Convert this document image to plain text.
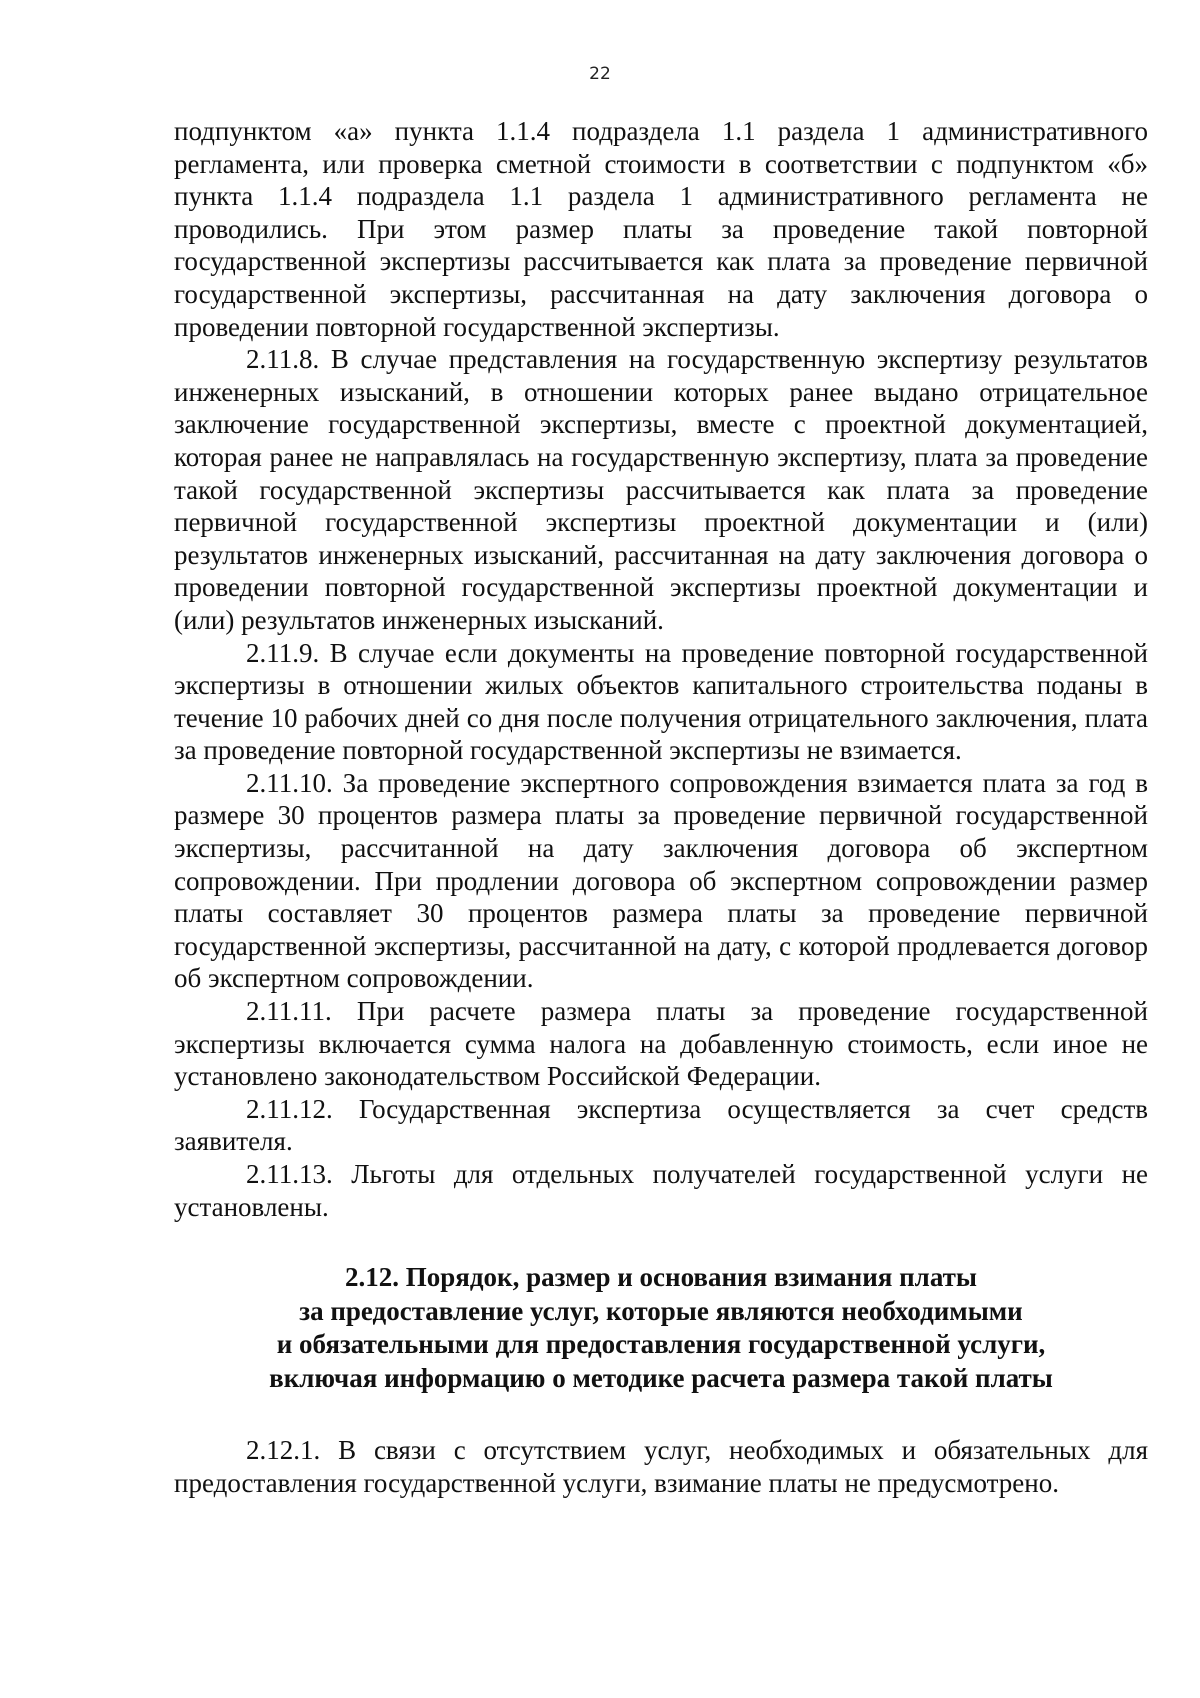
22

подпунктом «а» пункта 1.1.4 подраздела 1.1 раздела 1 административного регламента, или проверка сметной стоимости в соответствии с подпунктом «б» пункта 1.1.4 подраздела 1.1 раздела 1 административного регламента не проводились. При этом размер платы за проведение такой повторной государственной экспертизы рассчитывается как плата за проведение первичной государственной экспертизы, рассчитанная на дату заключения договора о проведении повторной государственной экспертизы.

2.11.8. В случае представления на государственную экспертизу результатов инженерных изысканий, в отношении которых ранее выдано отрицательное заключение государственной экспертизы, вместе с проектной документацией, которая ранее не направлялась на государственную экспертизу, плата за проведение такой государственной экспертизы рассчитывается как плата за проведение первичной государственной экспертизы проектной документации и (или) результатов инженерных изысканий, рассчитанная на дату заключения договора о проведении повторной государственной экспертизы проектной документации и (или) результатов инженерных изысканий.

2.11.9. В случае если документы на проведение повторной государственной экспертизы в отношении жилых объектов капитального строительства поданы в течение 10 рабочих дней со дня после получения отрицательного заключения, плата за проведение повторной государственной экспертизы не взимается.

2.11.10. За проведение экспертного сопровождения взимается плата за год в размере 30 процентов размера платы за проведение первичной государственной экспертизы, рассчитанной на дату заключения договора об экспертном сопровождении. При продлении договора об экспертном сопровождении размер платы составляет 30 процентов размера платы за проведение первичной государственной экспертизы, рассчитанной на дату, с которой продлевается договор об экспертном сопровождении.

2.11.11. При расчете размера платы за проведение государственной экспертизы включается сумма налога на добавленную стоимость, если иное не установлено законодательством Российской Федерации.

2.11.12. Государственная экспертиза осуществляется за счет средств заявителя.

2.11.13. Льготы для отдельных получателей государственной услуги не установлены.

2.12. Порядок, размер и основания взимания платы
за предоставление услуг, которые являются необходимыми
и обязательными для предоставления государственной услуги,
включая информацию о методике расчета размера такой платы

2.12.1. В связи с отсутствием услуг, необходимых и обязательных для предоставления государственной услуги, взимание платы не предусмотрено.
